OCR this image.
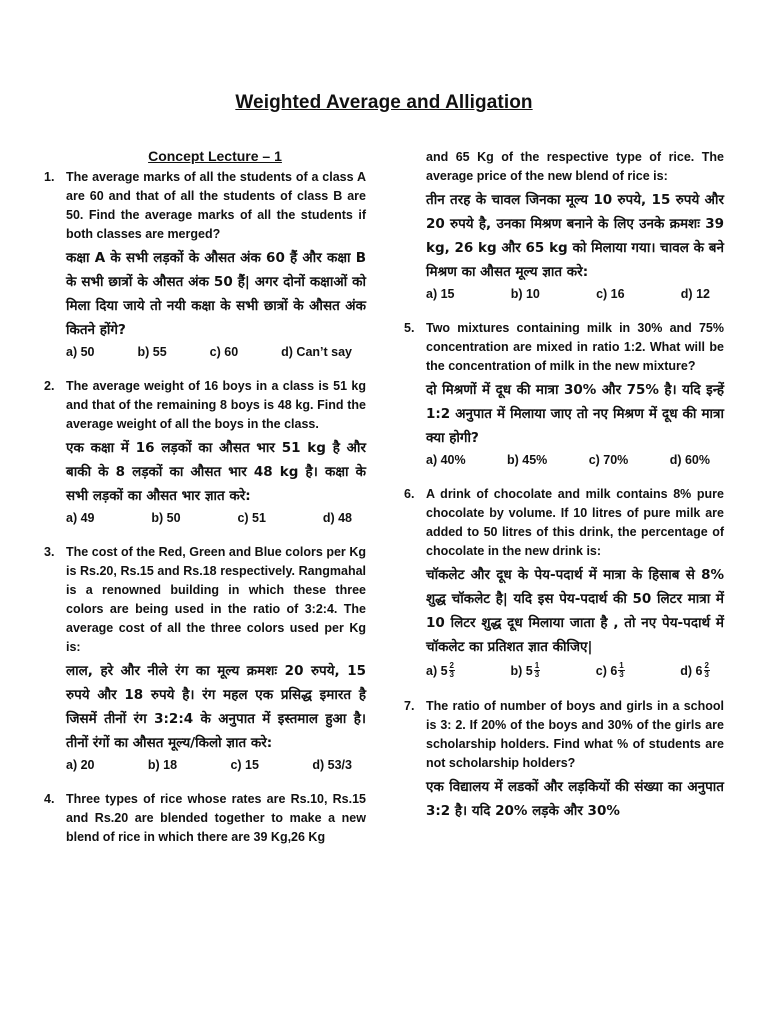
Weighted Average and Alligation
Concept Lecture – 1
1. The average marks of all the students of a class A are 60 and that of all the students of class B are 50. Find the average marks of all the students if both classes are merged?
कक्षा A के सभी लड़कों के औसत अंक 60 हैं और कक्षा B के सभी छात्रों के औसत अंक 50 हैं| अगर दोनों कक्षाओं को मिला दिया जाये तो नयी कक्षा के सभी छात्रों के औसत अंक कितने होंगे?
a) 50	b) 55	c) 60	d) Can’t say
2. The average weight of 16 boys in a class is 51 kg and that of the remaining 8 boys is 48 kg. Find the average weight of all the boys in the class.
एक कक्षा में 16 लड़कों का औसत भार 51 kg है और बाकी के 8 लड़कों का औसत भार 48 kg है। कक्षा के सभी लड़कों का औसत भार ज्ञात करे:
a) 49	b) 50	c) 51	d) 48
3. The cost of the Red, Green and Blue colors per Kg is Rs.20, Rs.15 and Rs.18 respectively. Rangmahal is a renowned building in which these three colors are being used in the ratio of 3:2:4. The average cost of all the three colors used per Kg is:
लाल, हरे और नीले रंग का मूल्य क्रमशः 20 रुपये, 15 रुपये और 18 रुपये है। रंग महल एक प्रसिद्ध इमारत है जिसमें तीनों रंग 3:2:4 के अनुपात में इस्तमाल हुआ है। तीनों रंगों का औसत मूल्य/किलो ज्ञात करे:
a) 20	b) 18	c) 15	d) 53/3
4. Three types of rice whose rates are Rs.10, Rs.15 and Rs.20 are blended together to make a new blend of rice in which there are 39 Kg,26 Kg
and 65 Kg of the respective type of rice. The average price of the new blend of rice is:
तीन तरह के चावल जिनका मूल्य 10 रुपये, 15 रुपये और 20 रुपये है, उनका मिश्रण बनाने के लिए उनके क्रमशः 39 kg, 26 kg और 65 kg को मिलाया गया। चावल के बने मिश्रण का औसत मूल्य ज्ञात करे:
a) 15	b) 10	c) 16	d) 12
5. Two mixtures containing milk in 30% and 75% concentration are mixed in ratio 1:2. What will be the concentration of milk in the new mixture?
दो मिश्रणों में दूध की मात्रा 30% और 75% है। यदि इन्हें 1:2 अनुपात में मिलाया जाए तो नए मिश्रण में दूध की मात्रा क्या होगी?
a) 40%	b) 45%	c) 70%	d) 60%
6. A drink of chocolate and milk contains 8% pure chocolate by volume. If 10 litres of pure milk are added to 50 litres of this drink, the percentage of chocolate in the new drink is:
चॉकलेट और दूध के पेय-पदार्थ में मात्रा के हिसाब से 8% शुद्ध चॉकलेट है| यदि इस पेय-पदार्थ की 50 लिटर मात्रा में 10 लिटर शुद्ध दूध मिलाया जाता है , तो नए पेय-पदार्थ में चॉकलेट का प्रतिशत ज्ञात कीजिए|
a) $5 \frac{2}{3}$	b) $5 \frac{1}{3}$	c) $6 \frac{1}{3}$	d) $6 \frac{2}{3}$
7. The ratio of number of boys and girls in a school is 3: 2. If 20% of the boys and 30% of the girls are scholarship holders. Find what % of students are not scholarship holders?
एक विद्यालय में लडकों और लड़कियों की संख्या का अनुपात 3:2 है। यदि 20% लड़के और 30%
